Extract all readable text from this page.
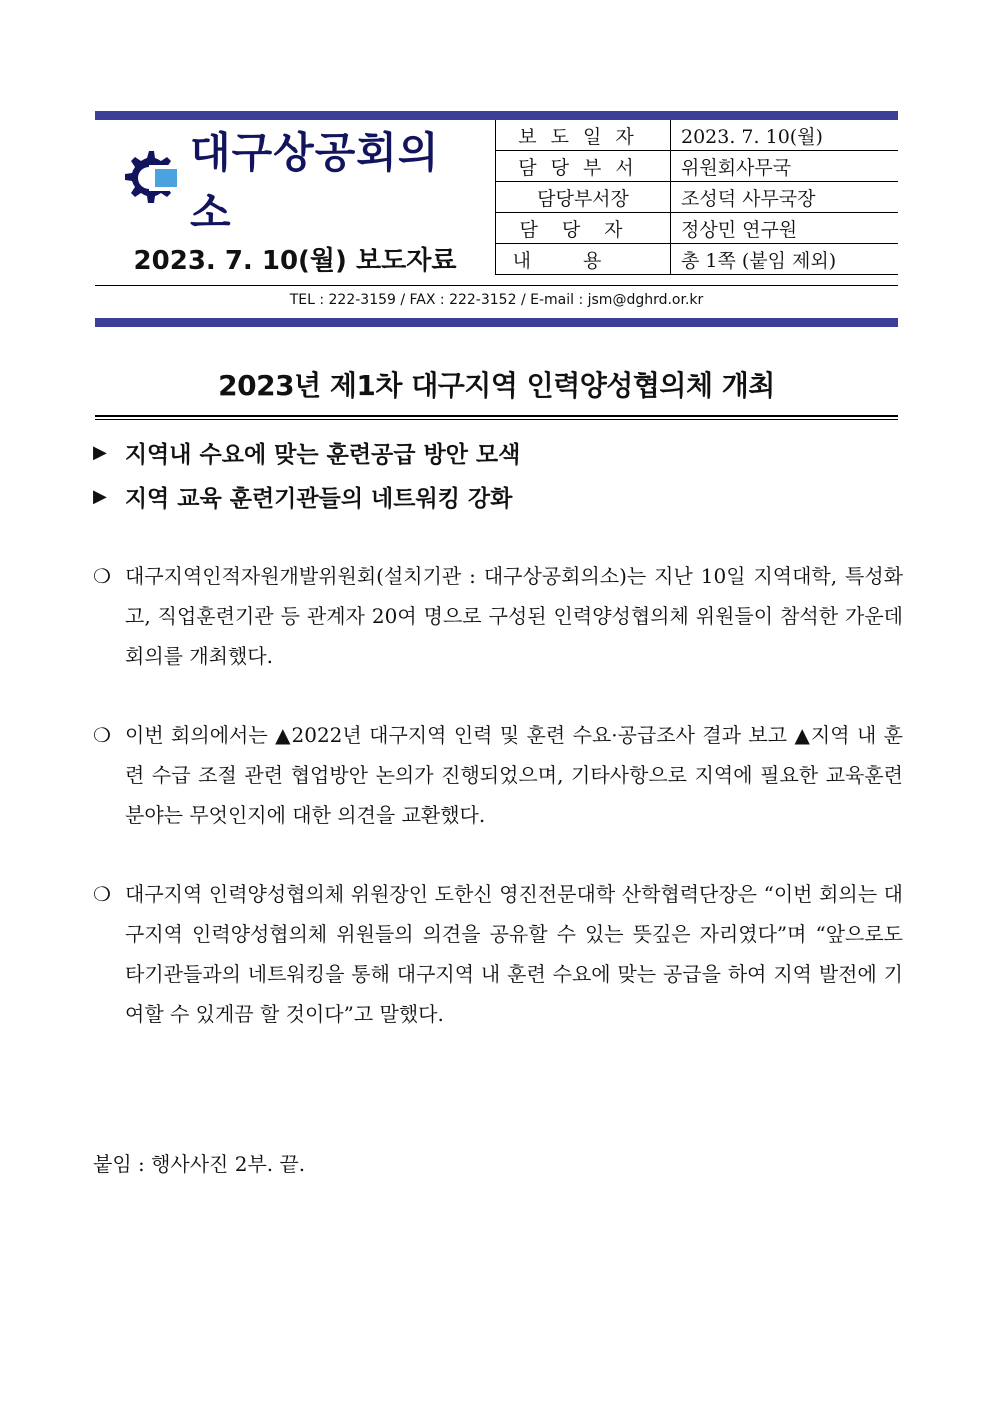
대구상공회의소
2023. 7. 10(월) 보도자료
보도일자	2023. 7. 10(월)
담당부서	위원회사무국
담당부서장	조성덕 사무국장
담당자	정상민 연구원
내용	총 1쪽 (붙임 제외)
TEL : 222-3159 / FAX : 222-3152 / E-mail : jsm@dghrd.or.kr
2023년 제1차 대구지역 인력양성협의체 개최
▶ 지역내 수요에 맞는 훈련공급 방안 모색
▶ 지역 교육 훈련기관들의 네트워킹 강화
❍ 대구지역인적자원개발위원회(설치기관 : 대구상공회의소)는 지난 10일 지역대학, 특성화고, 직업훈련기관 등 관계자 20여 명으로 구성된 인력양성협의체 위원들이 참석한 가운데 회의를 개최했다.
❍ 이번 회의에서는 ▲2022년 대구지역 인력 및 훈련 수요·공급조사 결과 보고 ▲지역 내 훈련 수급 조절 관련 협업방안 논의가 진행되었으며, 기타사항으로 지역에 필요한 교육훈련분야는 무엇인지에 대한 의견을 교환했다.
❍ 대구지역 인력양성협의체 위원장인 도한신 영진전문대학 산학협력단장은 “이번 회의는 대구지역 인력양성협의체 위원들의 의견을 공유할 수 있는 뜻깊은 자리였다”며 “앞으로도 타기관들과의 네트워킹을 통해 대구지역 내 훈련 수요에 맞는 공급을 하여 지역 발전에 기여할 수 있게끔 할 것이다”고 말했다.
붙임 : 행사사진 2부. 끝.
